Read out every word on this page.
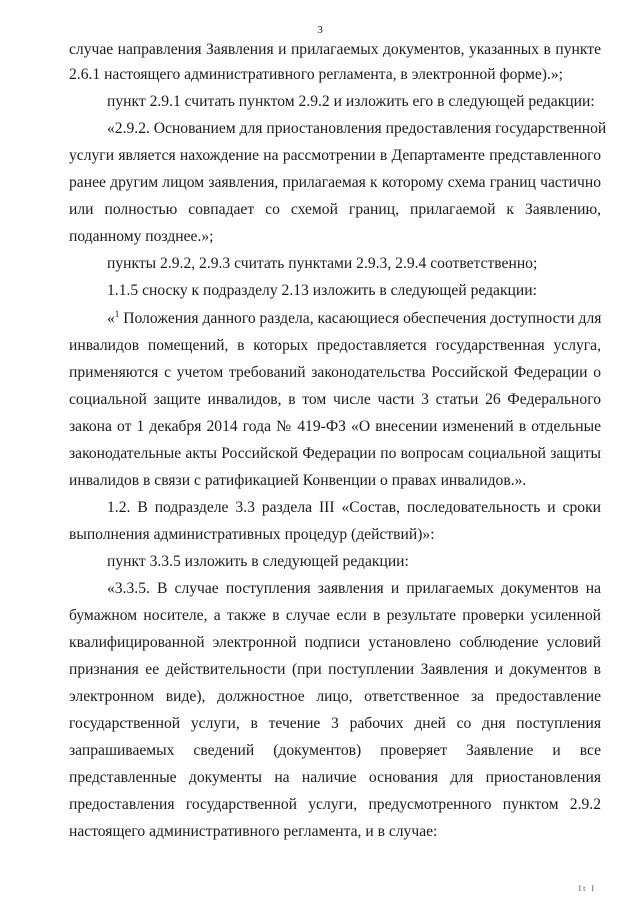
3
случае направления Заявления и прилагаемых документов, указанных в пункте
2.6.1 настоящего административного регламента, в электронной форме).»;
пункт 2.9.1 считать пунктом 2.9.2 и изложить его в следующей редакции:
«2.9.2. Основанием для приостановления предоставления государственной
услуги является нахождение на рассмотрении в Департаменте представленного
ранее другим лицом заявления, прилагаемая к которому схема границ частично
или полностью совпадает со схемой границ, прилагаемой к Заявлению,
поданному позднее.»;
пункты 2.9.2, 2.9.3 считать пунктами 2.9.3, 2.9.4 соответственно;
1.1.5 сноску к подразделу 2.13 изложить в следующей редакции:
«$^1$ Положения данного раздела, касающиеся обеспечения доступности для
инвалидов помещений, в которых предоставляется государственная услуга,
применяются с учетом требований законодательства Российской Федерации о
социальной защите инвалидов, в том числе части 3 статьи 26 Федерального
закона от 1 декабря 2014 года № 419-ФЗ «О внесении изменений в отдельные
законодательные акты Российской Федерации по вопросам социальной защиты
инвалидов в связи с ратификацией Конвенции о правах инвалидов.».
1.2. В подразделе 3.3 раздела III «Состав, последовательность и сроки
выполнения административных процедур (действий)»:
пункт 3.3.5 изложить в следующей редакции:
«3.3.5. В случае поступления заявления и прилагаемых документов на
бумажном носителе, а также в случае если в результате проверки усиленной
квалифицированной электронной подписи установлено соблюдение условий
признания ее действительности (при поступлении Заявления и документов в
электронном виде), должностное лицо, ответственное за предоставление
государственной услуги, в течение 3 рабочих дней со дня поступления
запрашиваемых сведений (документов) проверяет Заявление и все
представленные документы на наличие основания для приостановления
предоставления государственной услуги, предусмотренного пунктом 2.9.2
настоящего административного регламента, и в случае:
It I
